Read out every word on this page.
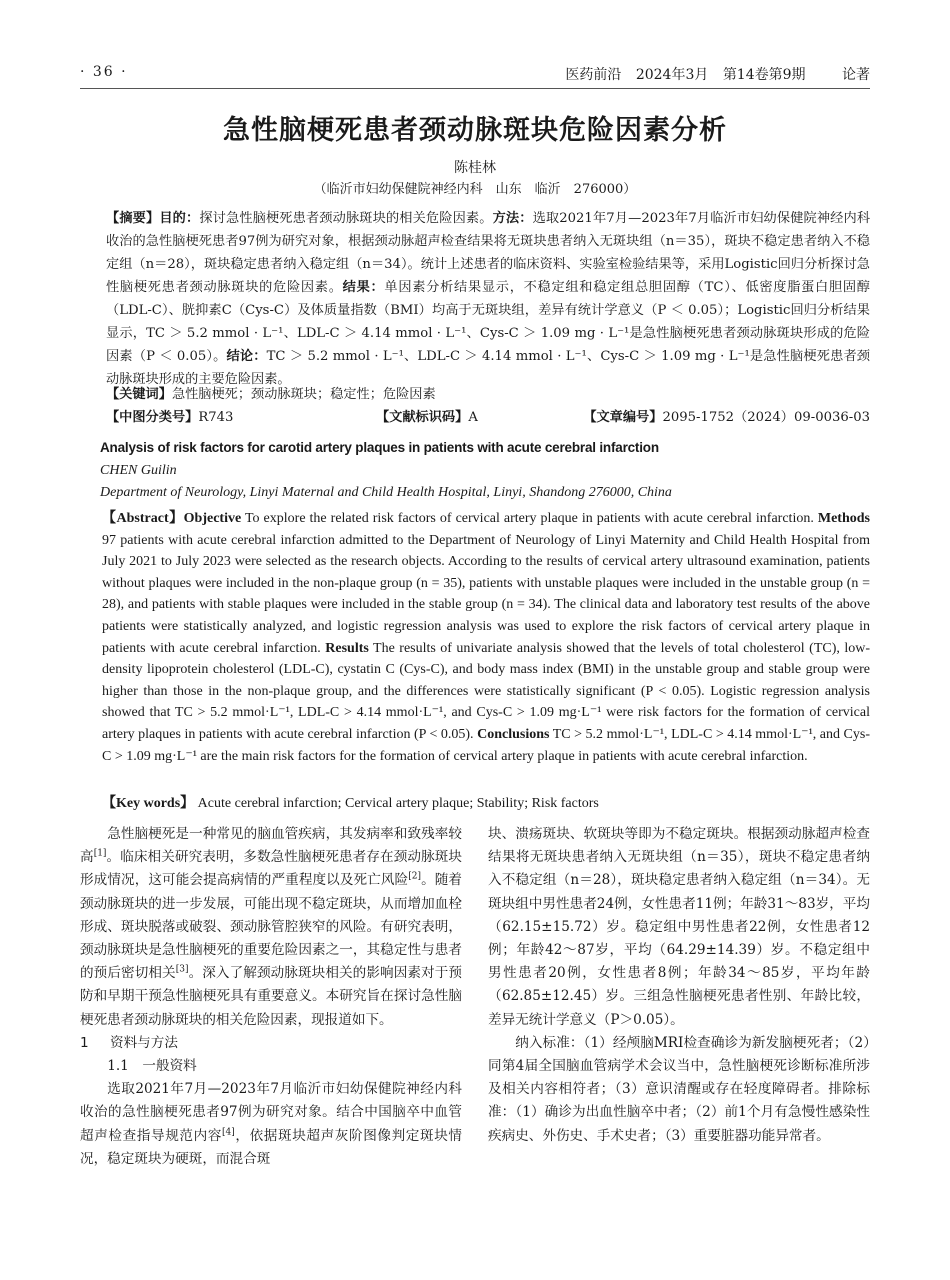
· 36 ·	医药前沿 2024年3月 第14卷第9期	论著
急性脑梗死患者颈动脉斑块危险因素分析
陈桂林
（临沂市妇幼保健院神经内科　山东　临沂　276000）
【摘要】目的：探讨急性脑梗死患者颈动脉斑块的相关危险因素。方法：选取2021年7月—2023年7月临沂市妇幼保健院神经内科收治的急性脑梗死患者97例为研究对象，根据颈动脉超声检查结果将无斑块患者纳入无斑块组（n＝35），斑块不稳定患者纳入不稳定组（n＝28），斑块稳定患者纳入稳定组（n＝34）。统计上述患者的临床资料、实验室检验结果等，采用Logistic回归分析探讨急性脑梗死患者颈动脉斑块的危险因素。结果：单因素分析结果显示，不稳定组和稳定组总胆固醇（TC）、低密度脂蛋白胆固醇（LDL-C）、胱抑素C（Cys-C）及体质量指数（BMI）均高于无斑块组，差异有统计学意义（P ＜ 0.05）；Logistic回归分析结果显示，TC ＞ 5.2 mmol · L⁻¹、LDL-C ＞ 4.14 mmol · L⁻¹、Cys-C ＞ 1.09 mg · L⁻¹是急性脑梗死患者颈动脉斑块形成的危险因素（P ＜ 0.05）。结论：TC ＞ 5.2 mmol · L⁻¹、LDL-C ＞ 4.14 mmol · L⁻¹、Cys-C ＞ 1.09 mg · L⁻¹是急性脑梗死患者颈动脉斑块形成的主要危险因素。
【关键词】急性脑梗死；颈动脉斑块；稳定性；危险因素
【中图分类号】R743	【文献标识码】A	【文章编号】2095-1752（2024）09-0036-03
Analysis of risk factors for carotid artery plaques in patients with acute cerebral infarction
CHEN Guilin
Department of Neurology, Linyi Maternal and Child Health Hospital, Linyi, Shandong 276000, China
【Abstract】Objective To explore the related risk factors of cervical artery plaque in patients with acute cerebral infarction. Methods 97 patients with acute cerebral infarction admitted to the Department of Neurology of Linyi Maternity and Child Health Hospital from July 2021 to July 2023 were selected as the research objects. According to the results of cervical artery ultrasound examination, patients without plaques were included in the non-plaque group (n = 35), patients with unstable plaques were included in the unstable group (n = 28), and patients with stable plaques were included in the stable group (n = 34). The clinical data and laboratory test results of the above patients were statistically analyzed, and logistic regression analysis was used to explore the risk factors of cervical artery plaque in patients with acute cerebral infarction. Results The results of univariate analysis showed that the levels of total cholesterol (TC), low-density lipoprotein cholesterol (LDL-C), cystatin C (Cys-C), and body mass index (BMI) in the unstable group and stable group were higher than those in the non-plaque group, and the differences were statistically significant (P < 0.05). Logistic regression analysis showed that TC > 5.2 mmol·L⁻¹, LDL-C > 4.14 mmol·L⁻¹, and Cys-C > 1.09 mg·L⁻¹ were risk factors for the formation of cervical artery plaques in patients with acute cerebral infarction (P < 0.05). Conclusions TC > 5.2 mmol·L⁻¹, LDL-C > 4.14 mmol·L⁻¹, and Cys-C > 1.09 mg·L⁻¹ are the main risk factors for the formation of cervical artery plaque in patients with acute cerebral infarction.
【Key words】 Acute cerebral infarction; Cervical artery plaque; Stability; Risk factors

急性脑梗死是一种常见的脑血管疾病，其发病率和致残率较高[1]。临床相关研究表明，多数急性脑梗死患者存在颈动脉斑块形成情况，这可能会提高病情的严重程度以及死亡风险[2]。随着颈动脉斑块的进一步发展，可能出现不稳定斑块，从而增加血栓形成、斑块脱落或破裂、颈动脉管腔狭窄的风险。有研究表明，颈动脉斑块是急性脑梗死的重要危险因素之一，其稳定性与患者的预后密切相关[3]。深入了解颈动脉斑块相关的影响因素对于预防和早期干预急性脑梗死具有重要意义。本研究旨在探讨急性脑梗死患者颈动脉斑块的相关危险因素，现报道如下。

1 资料与方法

1.1　一般资料

选取2021年7月—2023年7月临沂市妇幼保健院神经内科收治的急性脑梗死患者97例为研究对象。结合中国脑卒中血管超声检查指导规范内容[4]，依据斑块超声灰阶图像判定斑块情况，稳定斑块为硬斑，而混合斑

块、溃疡斑块、软斑块等即为不稳定斑块。根据颈动脉超声检查结果将无斑块患者纳入无斑块组（n＝35），斑块不稳定患者纳入不稳定组（n＝28），斑块稳定患者纳入稳定组（n＝34）。无斑块组中男性患者24例，女性患者11例；年龄31～83岁，平均（62.15±15.72）岁。稳定组中男性患者22例，女性患者12例；年龄42～87岁，平均（64.29±14.39）岁。不稳定组中男性患者20例，女性患者8例；年龄34～85岁，平均年龄（62.85±12.45）岁。三组急性脑梗死患者性别、年龄比较，差异无统计学意义（P＞0.05）。

纳入标准：（1）经颅脑MRI检查确诊为新发脑梗死者；（2）同第4届全国脑血管病学术会议当中，急性脑梗死诊断标准所涉及相关内容相符者；（3）意识清醒或存在轻度障碍者。排除标准：（1）确诊为出血性脑卒中者；（2）前1个月有急慢性感染性疾病史、外伤史、手术史者；（3）重要脏器功能异常者。
